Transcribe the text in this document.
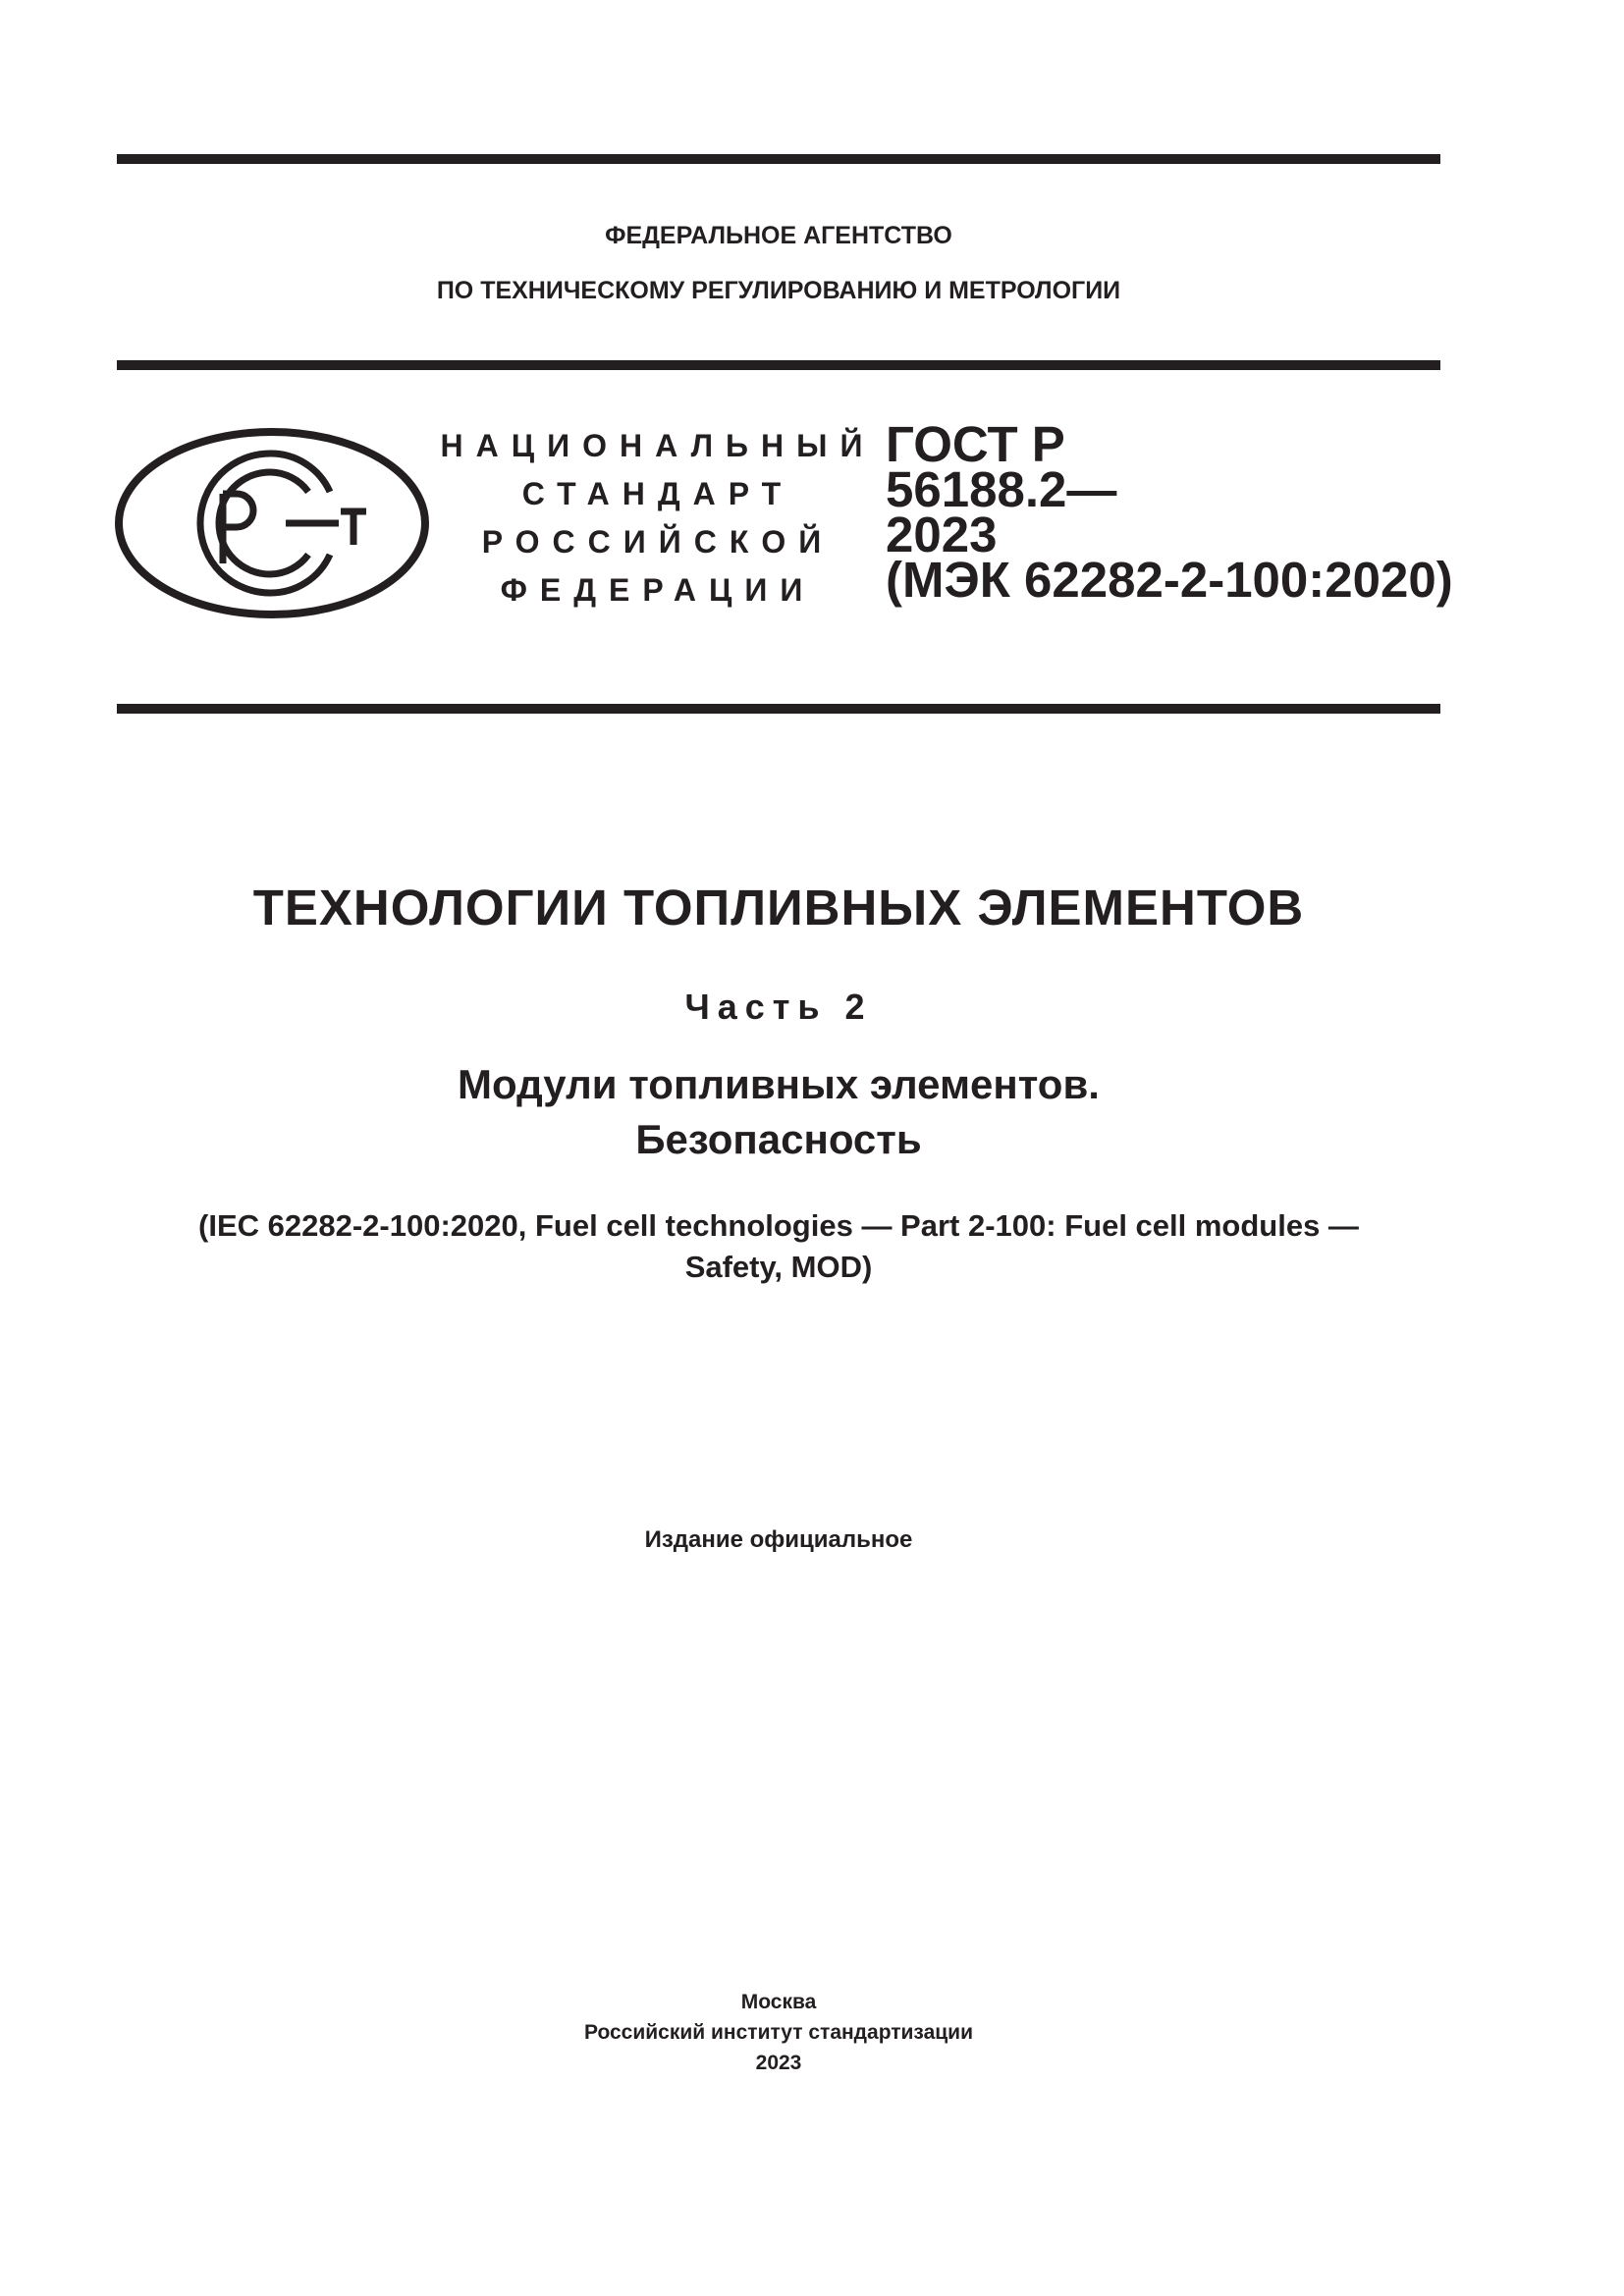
ФЕДЕРАЛЬНОЕ АГЕНТСТВО
ПО ТЕХНИЧЕСКОМУ РЕГУЛИРОВАНИЮ И МЕТРОЛОГИИ
НАЦИОНАЛЬНЫЙ
СТАНДАРТ
РОССИЙСКОЙ
ФЕДЕРАЦИИ
ГОСТ Р
56188.2—
2023
(МЭК 62282-2-100:2020)
ТЕХНОЛОГИИ ТОПЛИВНЫХ ЭЛЕМЕНТОВ
Часть 2
Модули топливных элементов.
Безопасность
(IEC 62282-2-100:2020, Fuel cell technologies — Part 2-100: Fuel cell modules —
Safety, MOD)
Издание официальное
Москва
Российский институт стандартизации
2023
